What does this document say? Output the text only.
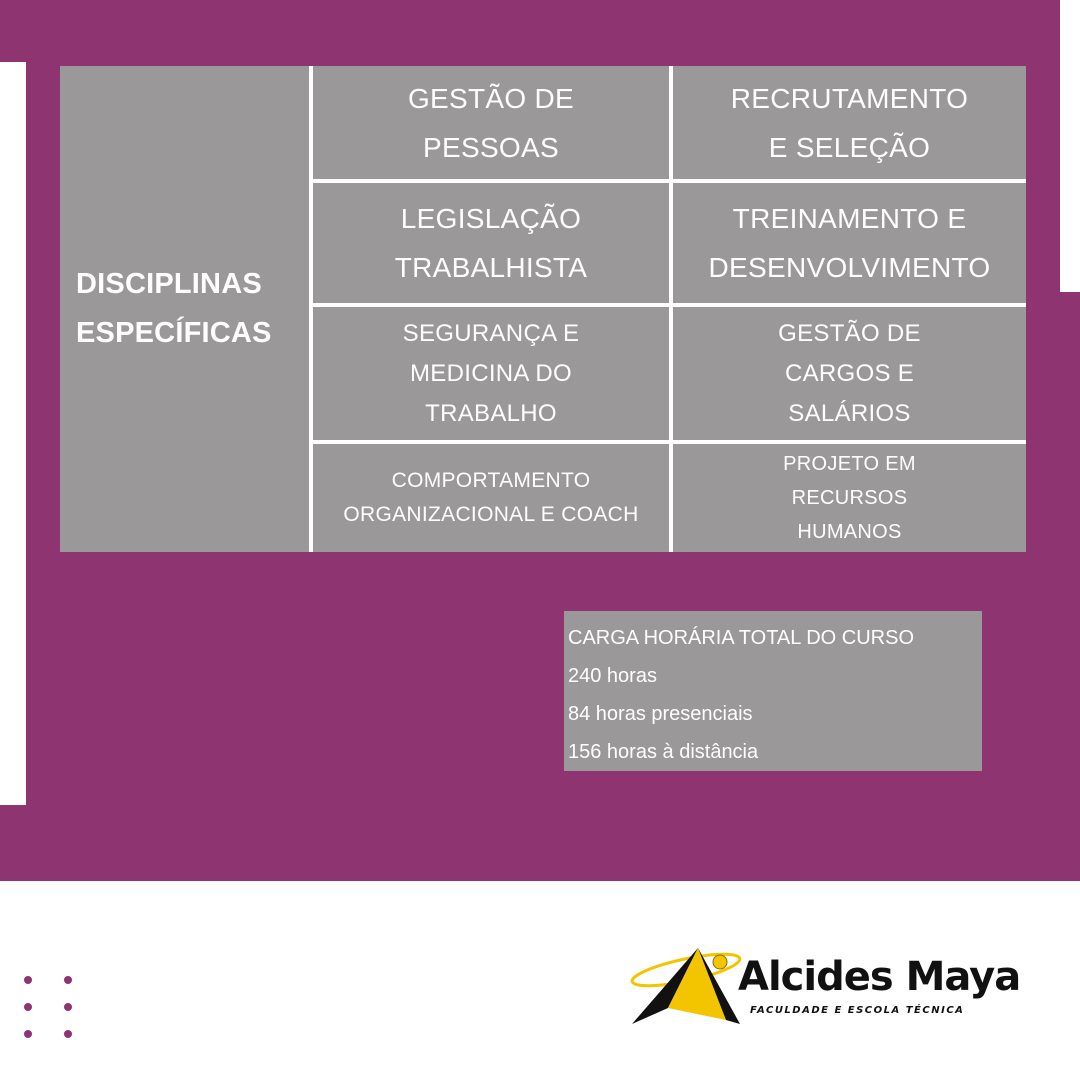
DISCIPLINAS
ESPECÍFICAS
GESTÃO DE
PESSOAS
RECRUTAMENTO
E SELEÇÃO
LEGISLAÇÃO
TRABALHISTA
TREINAMENTO E
DESENVOLVIMENTO
SEGURANÇA E
MEDICINA DO
TRABALHO
GESTÃO DE
CARGOS E
SALÁRIOS
COMPORTAMENTO
ORGANIZACIONAL E COACH
PROJETO EM
RECURSOS
HUMANOS
CARGA HORÁRIA TOTAL DO CURSO
240 horas
84 horas presenciais
156 horas à distância
Alcides Maya
FACULDADE E ESCOLA TÉCNICA
